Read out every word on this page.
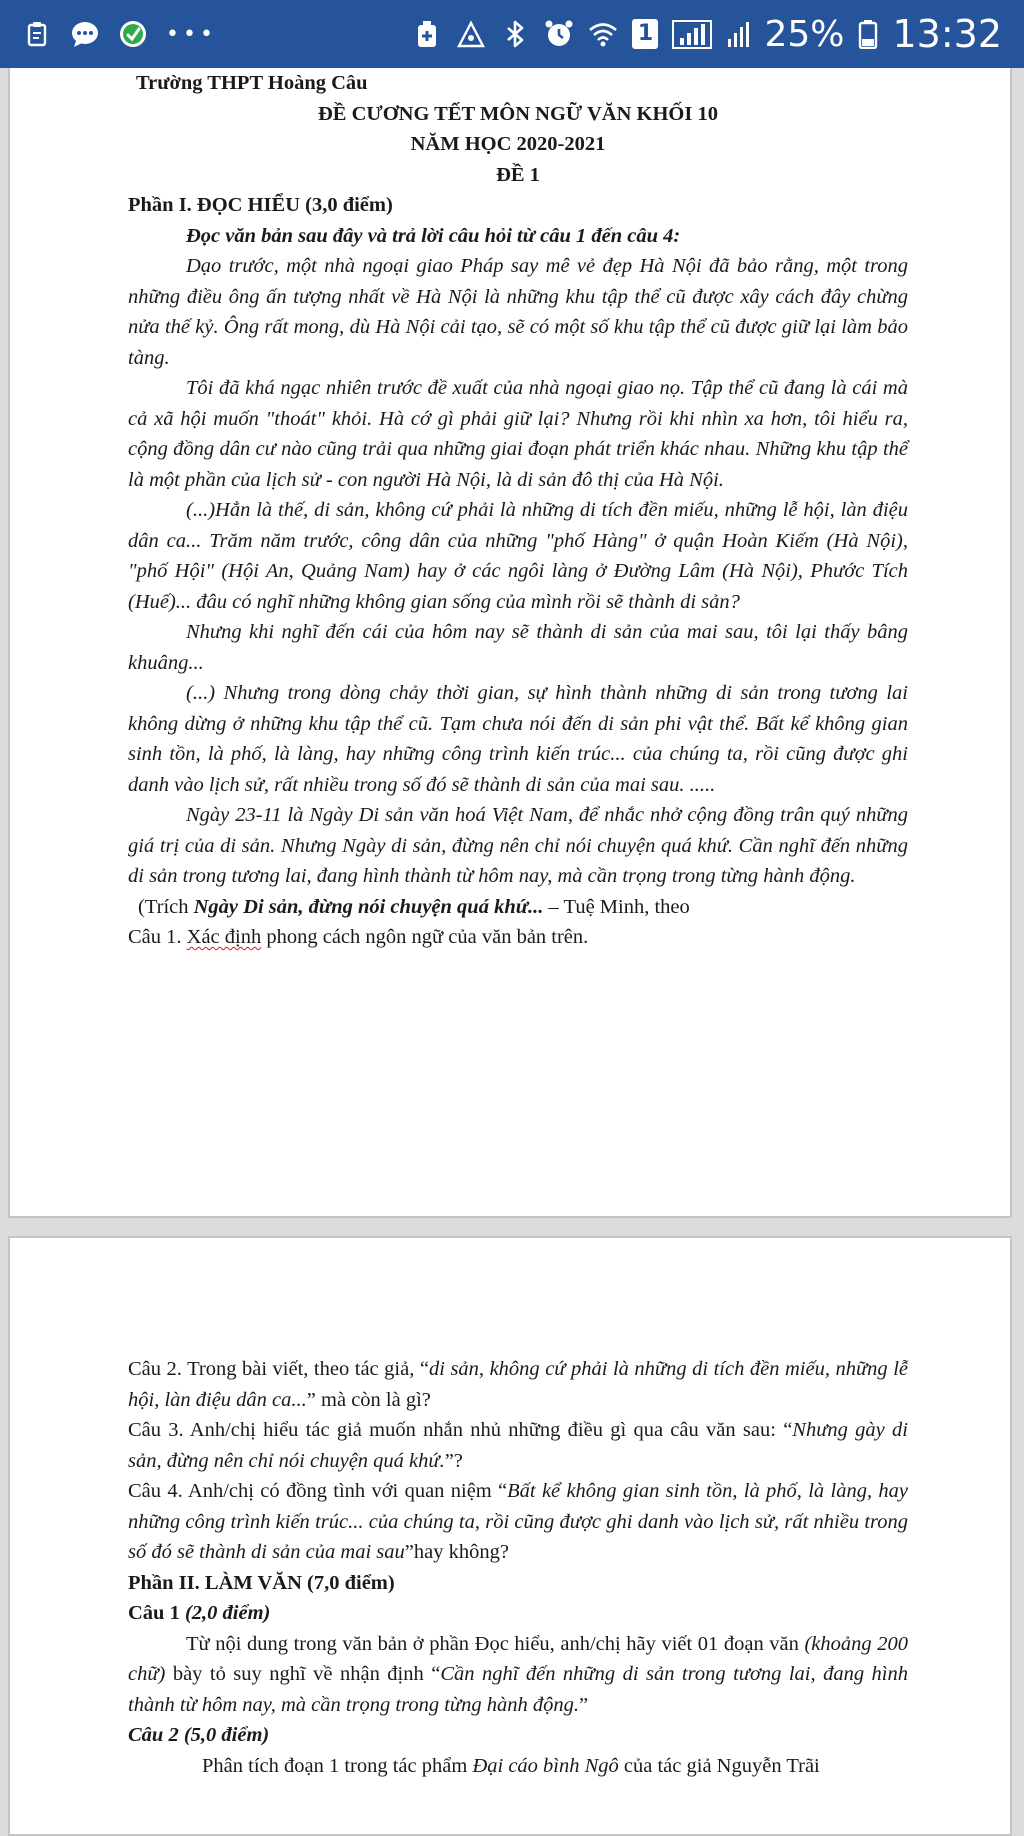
•••	1	25% 13:32

Trường THPT Hoàng Câu

ĐỀ CƯƠNG TẾT MÔN NGỮ VĂN KHỐI 10

NĂM HỌC 2020-2021

ĐỀ 1

Phần I. ĐỌC HIỂU (3,0 điểm)

Đọc văn bản sau đây và trả lời câu hỏi từ câu 1 đến câu 4:

Dạo trước, một nhà ngoại giao Pháp say mê vẻ đẹp Hà Nội đã bảo rằng, một trong những điều ông ấn tượng nhất về Hà Nội là những khu tập thể cũ được xây cách đây chừng nửa thế kỷ. Ông rất mong, dù Hà Nội cải tạo, sẽ có một số khu tập thể cũ được giữ lại làm bảo tàng.

Tôi đã khá ngạc nhiên trước đề xuất của nhà ngoại giao nọ. Tập thể cũ đang là cái mà cả xã hội muốn "thoát" khỏi. Hà cớ gì phải giữ lại? Nhưng rồi khi nhìn xa hơn, tôi hiểu ra, cộng đồng dân cư nào cũng trải qua những giai đoạn phát triển khác nhau. Những khu tập thể là một phần của lịch sử - con người Hà Nội, là di sản đô thị của Hà Nội.

(...)Hẳn là thế, di sản, không cứ phải là những di tích đền miếu, những lễ hội, làn điệu dân ca... Trăm năm trước, công dân của những "phố Hàng" ở quận Hoàn Kiếm (Hà Nội), "phố Hội" (Hội An, Quảng Nam) hay ở các ngôi làng ở Đường Lâm (Hà Nội), Phước Tích (Huế)... đâu có nghĩ những không gian sống của mình rồi sẽ thành di sản?

Nhưng khi nghĩ đến cái của hôm nay sẽ thành di sản của mai sau, tôi lại thấy bâng khuâng...

(...) Nhưng trong dòng chảy thời gian, sự hình thành những di sản trong tương lai không dừng ở những khu tập thể cũ. Tạm chưa nói đến di sản phi vật thể. Bất kể không gian sinh tồn, là phố, là làng, hay những công trình kiến trúc... của chúng ta, rồi cũng được ghi danh vào lịch sử, rất nhiều trong số đó sẽ thành di sản của mai sau. .....

Ngày 23-11 là Ngày Di sản văn hoá Việt Nam, để nhắc nhở cộng đồng trân quý những giá trị của di sản. Nhưng Ngày di sản, đừng nên chỉ nói chuyện quá khứ. Cần nghĩ đến những di sản trong tương lai, đang hình thành từ hôm nay, mà cần trọng trong từng hành động.

(Trích Ngày Di sản, đừng nói chuyện quá khứ... – Tuệ Minh, theo

Câu 1. Xác định phong cách ngôn ngữ của văn bản trên.

Câu 2. Trong bài viết, theo tác giả, “di sản, không cứ phải là những di tích đền miếu, những lễ hội, làn điệu dân ca...” mà còn là gì?

Câu 3. Anh/chị hiểu tác giả muốn nhắn nhủ những điều gì qua câu văn sau: “Nhưng gày di sản, đừng nên chỉ nói chuyện quá khứ.”?

Câu 4. Anh/chị có đồng tình với quan niệm “Bất kể không gian sinh tồn, là phố, là làng, hay những công trình kiến trúc... của chúng ta, rồi cũng được ghi danh vào lịch sử, rất nhiều trong số đó sẽ thành di sản của mai sau”hay không?

Phần II. LÀM VĂN (7,0 điểm)

Câu 1 (2,0 điểm)

Từ nội dung trong văn bản ở phần Đọc hiểu, anh/chị hãy viết 01 đoạn văn (khoảng 200 chữ) bày tỏ suy nghĩ về nhận định “Cần nghĩ đến những di sản trong tương lai, đang hình thành từ hôm nay, mà cần trọng trong từng hành động.”

Câu 2 (5,0 điểm)

Phân tích đoạn 1 trong tác phẩm Đại cáo bình Ngô của tác giả Nguyễn Trãi
